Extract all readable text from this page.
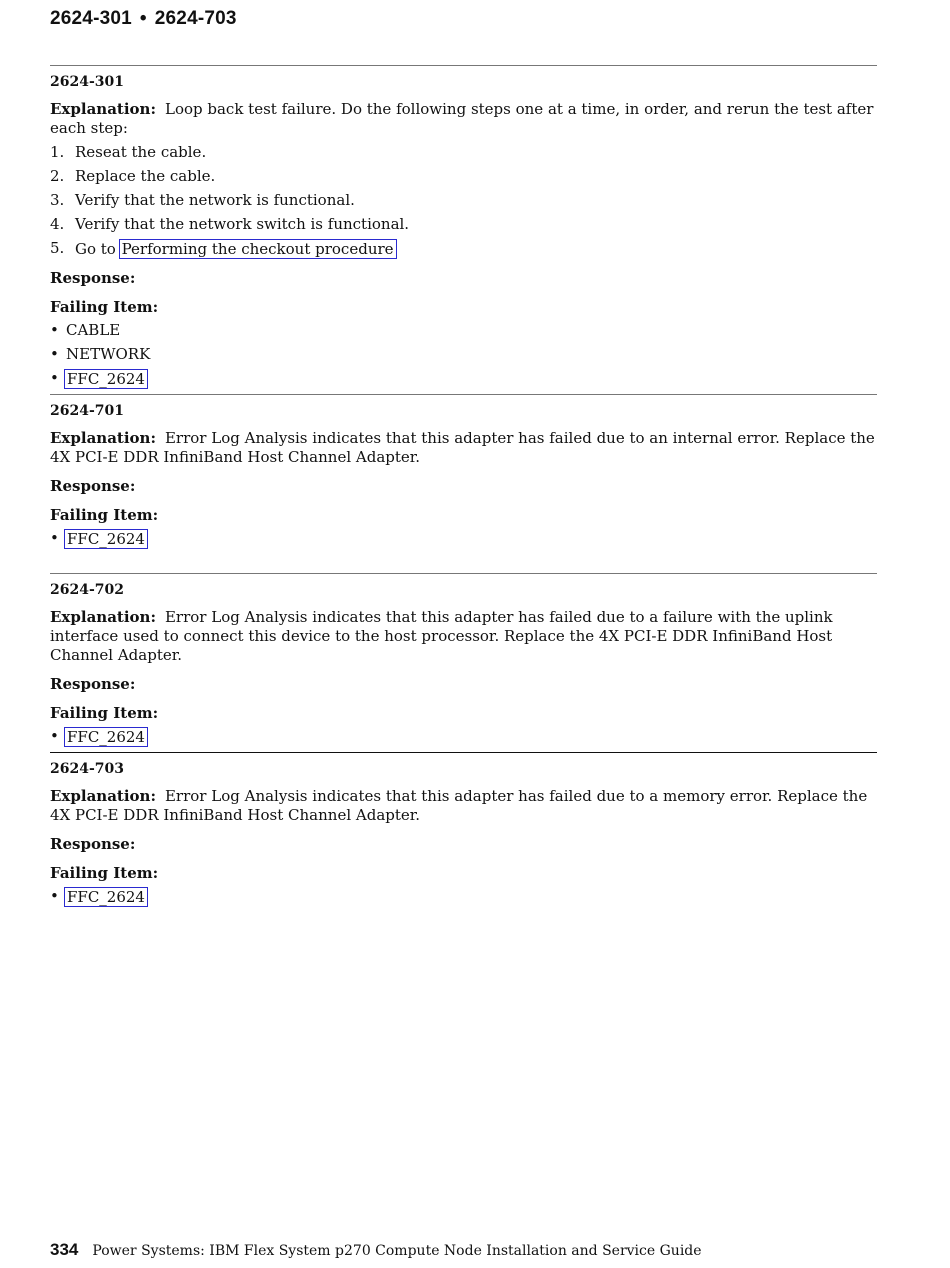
2624-301 • 2624-703
2624-301
Explanation: Loop back test failure. Do the following steps one at a time, in order, and rerun the test after each step:
1. Reseat the cable.
2. Replace the cable.
3. Verify that the network is functional.
4. Verify that the network switch is functional.
5. Go to Performing the checkout procedure
Response:
Failing Item:
• CABLE
• NETWORK
• FFC_2624
2624-701
Explanation: Error Log Analysis indicates that this adapter has failed due to an internal error. Replace the 4X PCI-E DDR InfiniBand Host Channel Adapter.
Response:
Failing Item:
• FFC_2624
2624-702
Explanation: Error Log Analysis indicates that this adapter has failed due to a failure with the uplink interface used to connect this device to the host processor. Replace the 4X PCI-E DDR InfiniBand Host Channel Adapter.
Response:
Failing Item:
• FFC_2624
2624-703
Explanation: Error Log Analysis indicates that this adapter has failed due to a memory error. Replace the 4X PCI-E DDR InfiniBand Host Channel Adapter.
Response:
Failing Item:
• FFC_2624
334 Power Systems: IBM Flex System p270 Compute Node Installation and Service Guide
